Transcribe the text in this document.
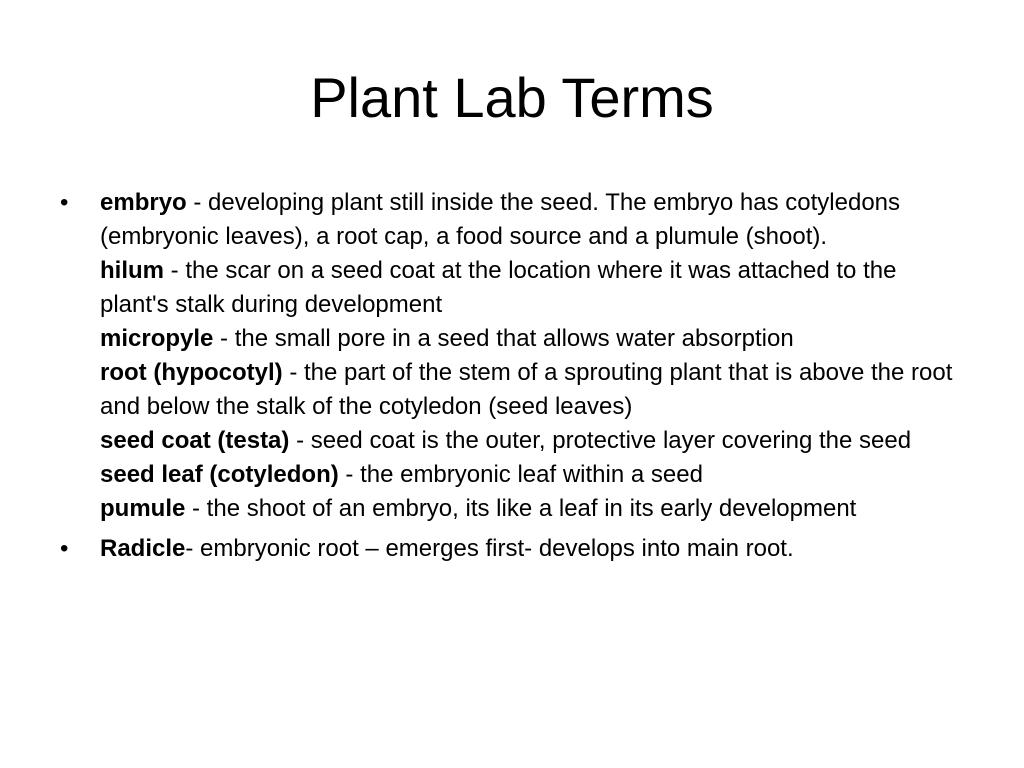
Plant Lab Terms
•	embryo - developing plant still inside the seed. The embryo has cotyledons (embryonic leaves), a root cap, a food source and a plumule (shoot).
hilum - the scar on a seed coat at the location where it was attached to the plant's stalk during development
micropyle - the small pore in a seed that allows water absorption
root (hypocotyl) - the part of the stem of a sprouting plant that is above the root and below the stalk of the cotyledon (seed leaves)
seed coat (testa) - seed coat is the outer, protective layer covering the seed
seed leaf (cotyledon) - the embryonic leaf within a seed
pumule - the shoot of an embryo, its like a leaf in its early development
•	Radicle- embryonic root – emerges first- develops into main root.
